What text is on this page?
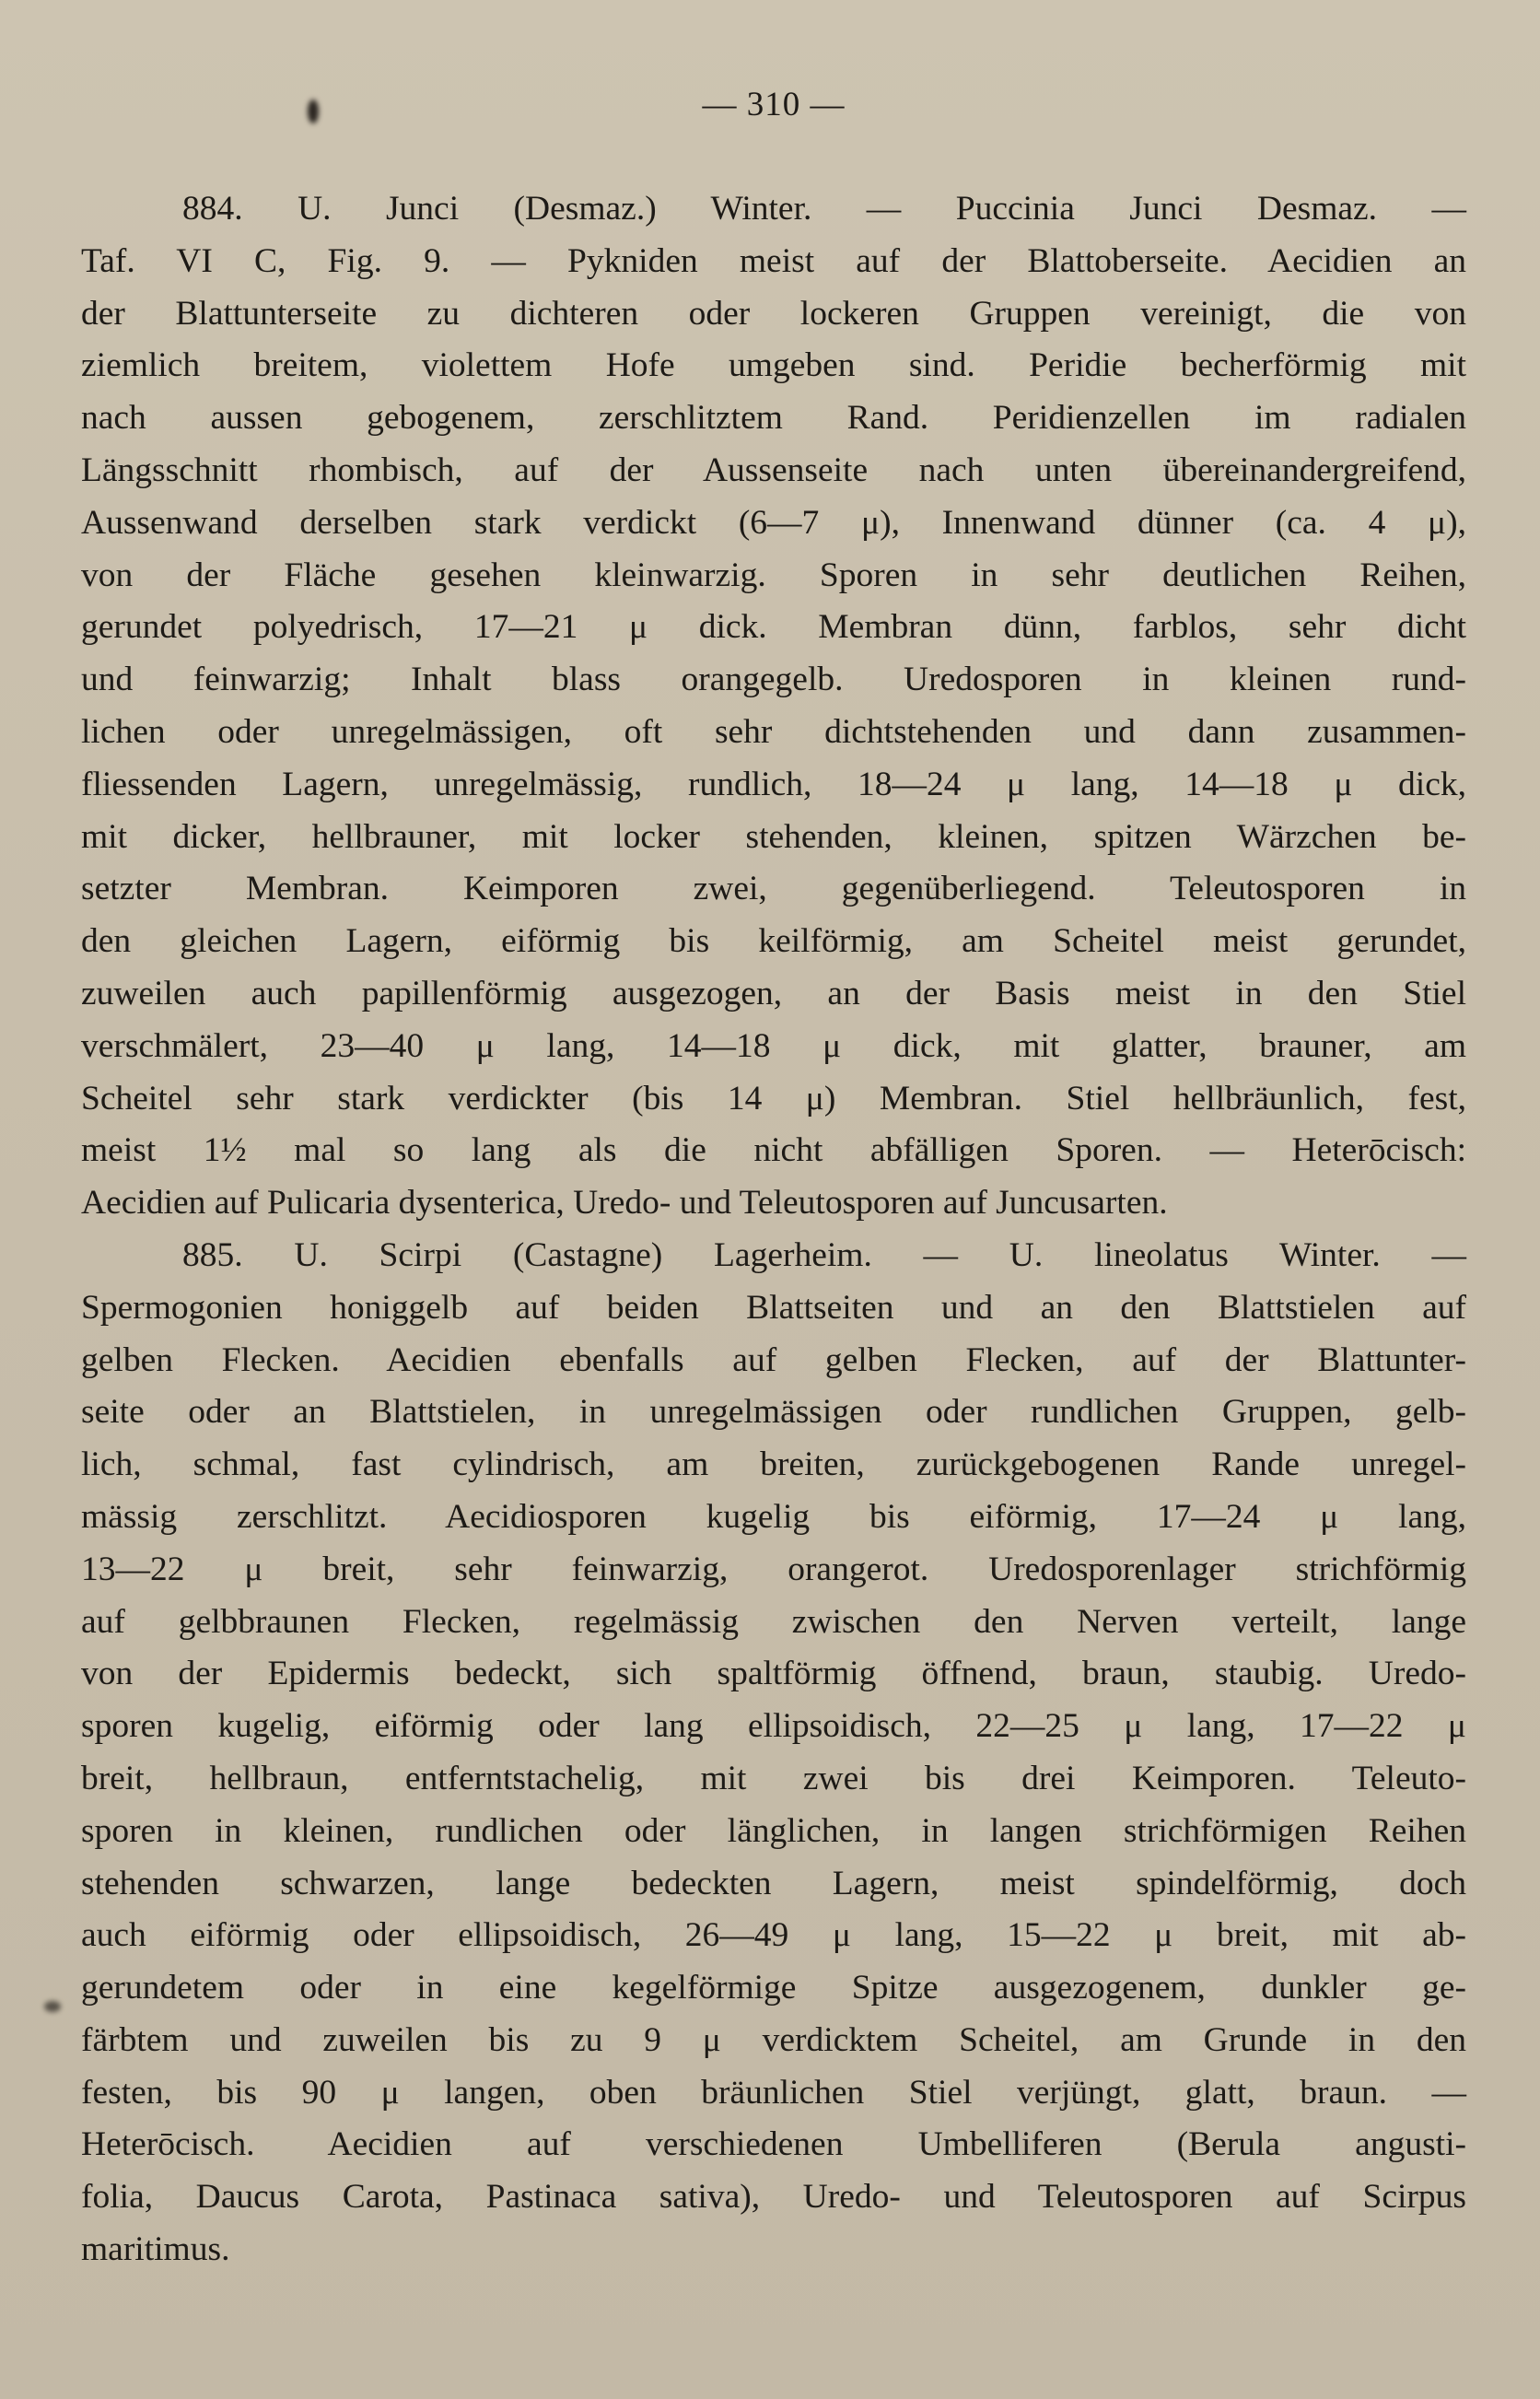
— 310 —
884. U. Junci (Desmaz.) Winter. — Puccinia Junci Desmaz. —
Taf. VI C, Fig. 9. — Pykniden meist auf der Blattoberseite. Aecidien an
der Blattunterseite zu dichteren oder lockeren Gruppen vereinigt, die von
ziemlich breitem, violettem Hofe umgeben sind. Peridie becherförmig mit
nach aussen gebogenem, zerschlitztem Rand. Peridienzellen im radialen
Längsschnitt rhombisch, auf der Aussenseite nach unten übereinandergreifend,
Aussenwand derselben stark verdickt (6—7 μ), Innenwand dünner (ca. 4 μ),
von der Fläche gesehen kleinwarzig. Sporen in sehr deutlichen Reihen,
gerundet polyedrisch, 17—21 μ dick. Membran dünn, farblos, sehr dicht
und feinwarzig; Inhalt blass orangegelb. Uredosporen in kleinen rund-
lichen oder unregelmässigen, oft sehr dichtstehenden und dann zusammen-
fliessenden Lagern, unregelmässig, rundlich, 18—24 μ lang, 14—18 μ dick,
mit dicker, hellbrauner, mit locker stehenden, kleinen, spitzen Wärzchen be-
setzter Membran. Keimporen zwei, gegenüberliegend. Teleutosporen in
den gleichen Lagern, eiförmig bis keilförmig, am Scheitel meist gerundet,
zuweilen auch papillenförmig ausgezogen, an der Basis meist in den Stiel
verschmälert, 23—40 μ lang, 14—18 μ dick, mit glatter, brauner, am
Scheitel sehr stark verdickter (bis 14 μ) Membran. Stiel hellbräunlich, fest,
meist 1½ mal so lang als die nicht abfälligen Sporen. — Heterōcisch:
Aecidien auf Pulicaria dysenterica, Uredo- und Teleutosporen auf Juncusarten.
885. U. Scirpi (Castagne) Lagerheim. — U. lineolatus Winter. —
Spermogonien honiggelb auf beiden Blattseiten und an den Blattstielen auf
gelben Flecken. Aecidien ebenfalls auf gelben Flecken, auf der Blattunter-
seite oder an Blattstielen, in unregelmässigen oder rundlichen Gruppen, gelb-
lich, schmal, fast cylindrisch, am breiten, zurückgebogenen Rande unregel-
mässig zerschlitzt. Aecidiosporen kugelig bis eiförmig, 17—24 μ lang,
13—22 μ breit, sehr feinwarzig, orangerot. Uredosporenlager strichförmig
auf gelbbraunen Flecken, regelmässig zwischen den Nerven verteilt, lange
von der Epidermis bedeckt, sich spaltförmig öffnend, braun, staubig. Uredo-
sporen kugelig, eiförmig oder lang ellipsoidisch, 22—25 μ lang, 17—22 μ
breit, hellbraun, entferntstachelig, mit zwei bis drei Keimporen. Teleuto-
sporen in kleinen, rundlichen oder länglichen, in langen strichförmigen Reihen
stehenden schwarzen, lange bedeckten Lagern, meist spindelförmig, doch
auch eiförmig oder ellipsoidisch, 26—49 μ lang, 15—22 μ breit, mit ab-
gerundetem oder in eine kegelförmige Spitze ausgezogenem, dunkler ge-
färbtem und zuweilen bis zu 9 μ verdicktem Scheitel, am Grunde in den
festen, bis 90 μ langen, oben bräunlichen Stiel verjüngt, glatt, braun. —
Heterōcisch. Aecidien auf verschiedenen Umbelliferen (Berula angusti-
folia, Daucus Carota, Pastinaca sativa), Uredo- und Teleutosporen auf Scirpus
maritimus.
